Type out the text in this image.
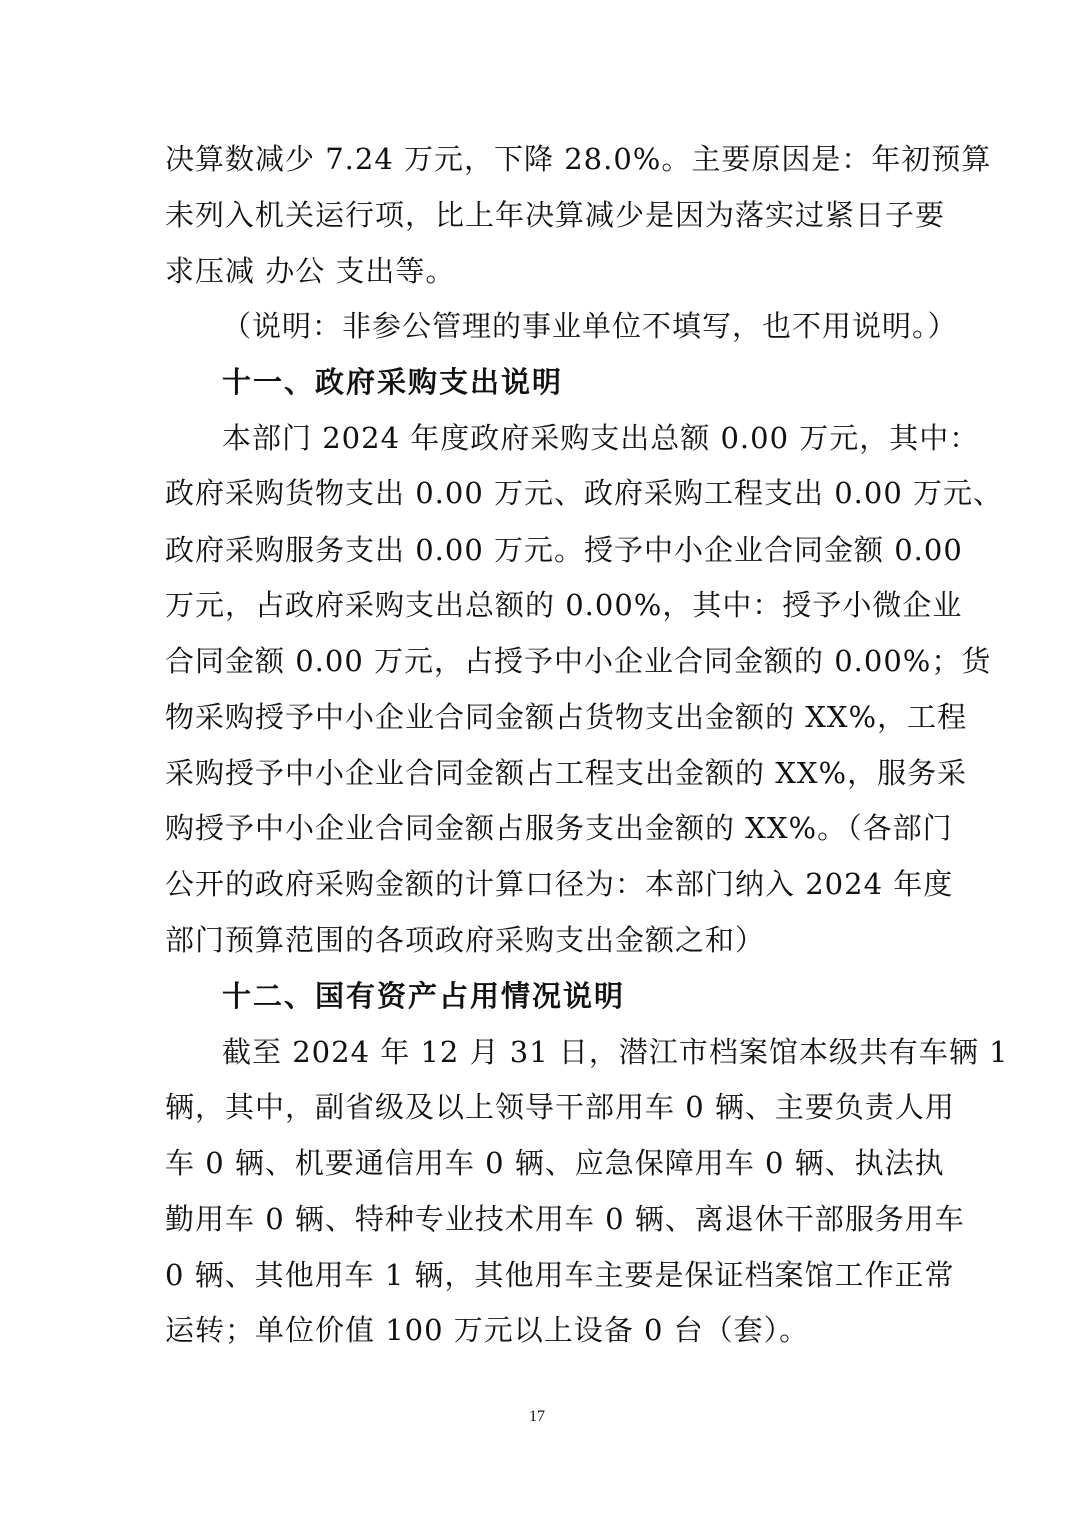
决算数减少 7.24 万元，下降 28.0%。主要原因是：年初预算
未列入机关运行项，比上年决算减少是因为落实过紧日子要
求压减 办公 支出等。
（说明：非参公管理的事业单位不填写，也不用说明。）
十一、政府采购支出说明
本部门 2024 年度政府采购支出总额 0.00 万元，其中：
政府采购货物支出 0.00 万元、政府采购工程支出 0.00 万元、
政府采购服务支出 0.00 万元。授予中小企业合同金额 0.00
万元，占政府采购支出总额的 0.00%，其中：授予小微企业
合同金额 0.00 万元，占授予中小企业合同金额的 0.00%；货
物采购授予中小企业合同金额占货物支出金额的 XX%，工程
采购授予中小企业合同金额占工程支出金额的 XX%，服务采
购授予中小企业合同金额占服务支出金额的 XX%。（各部门
公开的政府采购金额的计算口径为：本部门纳入 2024 年度
部门预算范围的各项政府采购支出金额之和）
十二、国有资产占用情况说明
截至 2024 年 12 月 31 日，潜江市档案馆本级共有车辆 1
辆，其中，副省级及以上领导干部用车 0 辆、主要负责人用
车 0 辆、机要通信用车 0 辆、应急保障用车 0 辆、执法执
勤用车 0 辆、特种专业技术用车 0 辆、离退休干部服务用车
0 辆、其他用车 1 辆，其他用车主要是保证档案馆工作正常
运转；单位价值 100 万元以上设备 0 台（套）。
17
